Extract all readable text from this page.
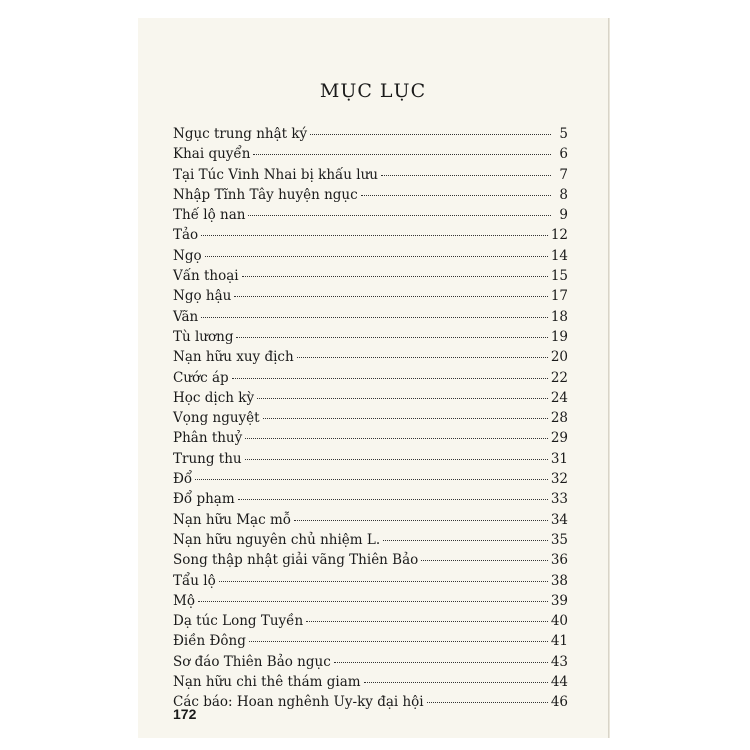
MỤC LỤC
Ngục trung nhật ký	5
Khai quyển	6
Tại Túc Vinh Nhai bị khấu lưu	7
Nhập Tĩnh Tây huyện ngục	8
Thế lộ nan	9
Tảo	12
Ngọ	14
Vấn thoại	15
Ngọ hậu	17
Vãn	18
Tù lương	19
Nạn hữu xuy địch	20
Cước áp	22
Học dịch kỳ	24
Vọng nguyệt	28
Phân thuỷ	29
Trung thu	31
Đổ	32
Đổ phạm	33
Nạn hữu Mạc mỗ	34
Nạn hữu nguyên chủ nhiệm L.	35
Song thập nhật giải vãng Thiên Bảo	36
Tẩu lộ	38
Mộ	39
Dạ túc Long Tuyền	40
Điền Đông	41
Sơ đáo Thiên Bảo ngục	43
Nạn hữu chi thê thám giam	44
Các báo: Hoan nghênh Uy-ky đại hội	46
172
